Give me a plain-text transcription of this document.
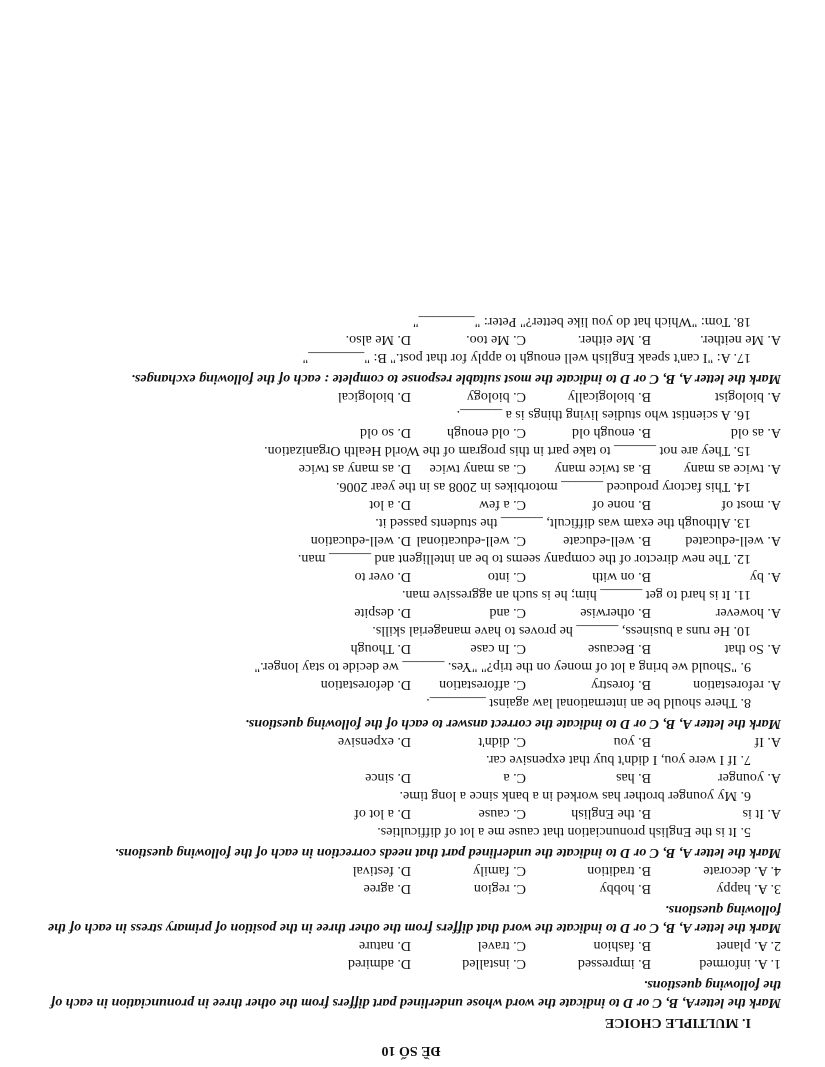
ĐỀ SỐ 10
I. MULTIPLE CHOICE
Mark the letterA, B, C or D to indicate the word whose underlined part differs from the other three in pronunciation in each of the following questions.
1. A. informed
B. impressed
C. installed
D. admired
2. A. planet
B. fashion
C. travel
D. nature
Mark the letter A, B, C or D to indicate the word that differs from the other three in the position of primary stress in each of the following questions.
3. A. happy
B. hobby
C. region
D. agree
4. A. decorate
B. tradition
C. family
D. festival
Mark the letter A, B, C or D to indicate the underlined part that needs correction in each of the following questions.
5. It is the English pronunciation that cause me a lot of difficulties.
A. It is
B. the English
C. cause
D. a lot of
6. My younger brother has worked in a bank since a long time.
A. younger
B. has
C. a
D. since
7. If I were you, I didn't buy that expensive car.
A. If
B. you
C. didn't
D. expensive
Mark the letter A, B, C or D to indicate the correct answer to each of the following questions.
8. There should be an international law against ________.
A. reforestation
B. forestry
C. afforestation
D. deforestation
9. "Should we bring a lot of money on the trip?" "Yes. ______ we decide to stay longer."
A. So that
B. Because
C. In case
D. Though
10. He runs a business, ______ he proves to have managerial skills.
A. however
B. otherwise
C. and
D. despite
11. It is hard to get ______ him; he is such an aggressive man.
A. by
B. on with
C. into
D. over to
12. The new director of the company seems to be an intelligent and ______ man.
A. well-educated
B. well-educate
C. well-educational
D. well-education
13. Although the exam was difficult, ______ the students passed it.
A. most of
B. none of
C. a few
D. a lot
14. This factory produced ______ motorbikes in 2008 as in the year 2006.
A. twice as many
B. as twice many
C. as many twice
D. as many as twice
15. They are not ______ to take part in this program of the World Health Organization.
A. as old
B. enough old
C. old enough
D. so old
16. A scientist who studies living things is a ______.
A. biologist
B. biologically
C. biology
D. biological
Mark the letter A, B, C or D to indicate the most suitable response to complete : each of the following exchanges.
17. A: "I can't speak English well enough to apply for that post." B: "________"
A. Me neither.
B. Me either.
C. Me too.
D. Me also.
18. Tom: "Which hat do you like better?" Peter: "________"
